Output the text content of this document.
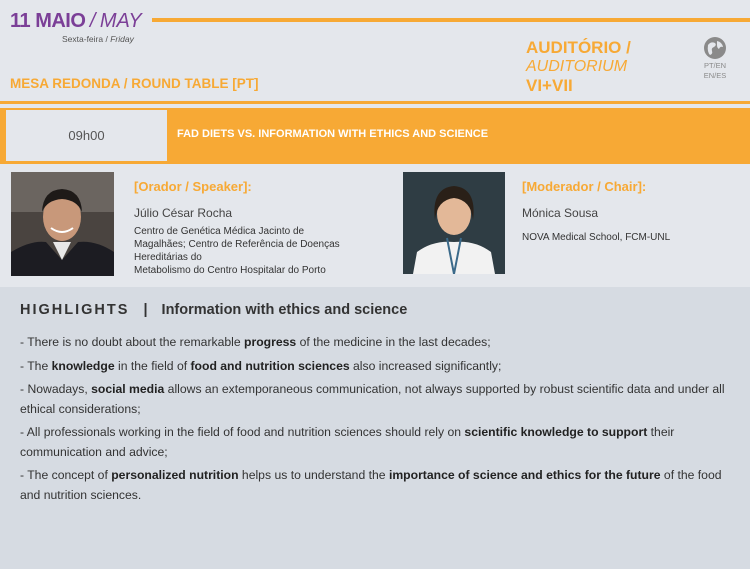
11 MAIO / MAY
Sexta-feira / Friday	AUDITÓRIO /
AUDITORIUM
VI+VII
PT/EN
EN/ES
MESA REDONDA / ROUND TABLE [PT]
09h00	FAD DIETS VS. INFORMATION WITH ETHICS AND SCIENCE
[Orador / Speaker]:
Júlio César Rocha
Centro de Genética Médica Jacinto de
Magalhães; Centro de Referência de Doenças
Hereditárias do
Metabolismo do Centro Hospitalar do Porto
[Moderador / Chair]:
Mónica Sousa
NOVA Medical School, FCM-UNL
HIGHLIGHTS | Information with ethics and science

- There is no doubt about the remarkable progress of the medicine in the last decades;

- The knowledge in the field of food and nutrition sciences also increased significantly;

- Nowadays, social media allows an extemporaneous communication, not always supported by robust scientific data and under all ethical considerations;

- All professionals working in the field of food and nutrition sciences should rely on scientific knowledge to support their communication and advice;

- The concept of personalized nutrition helps us to understand the importance of science and ethics for the future of the food and nutrition sciences.
